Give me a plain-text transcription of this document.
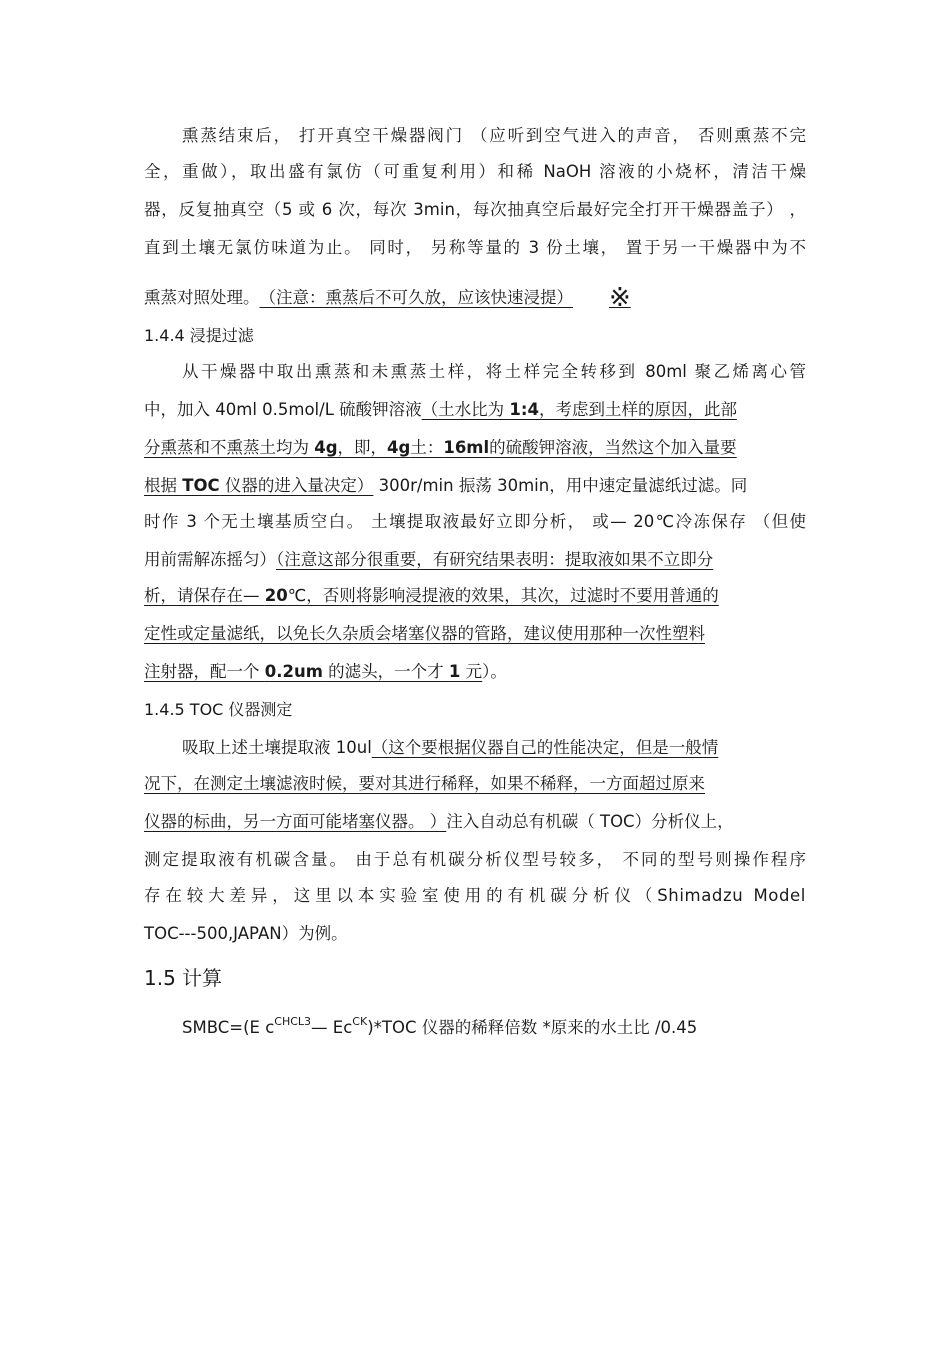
熏蒸结束后， 打开真空干燥器阀门 （应听到空气进入的声音， 否则熏蒸不完
全，重做），取出盛有氯仿（可重复利用）和稀 NaOH 溶液的小烧杯，清洁干燥
器，反复抽真空（5 或 6 次，每次 3min，每次抽真空后最好完全打开干燥器盖子） ，
直到土壤无氯仿味道为止。 同时， 另称等量的 3 份土壤， 置于另一干燥器中为不
熏蒸对照处理。（注意：熏蒸后不可久放，应该快速浸提） ※
1.4.4 浸提过滤
从干燥器中取出熏蒸和未熏蒸土样，将土样完全转移到 80ml 聚乙烯离心管
中，加入 40ml 0.5mol/L 硫酸钾溶液（土水比为 1:4，考虑到土样的原因，此部
分熏蒸和不熏蒸土均为 4g，即，4g土：16ml的硫酸钾溶液，当然这个加入量要
根据 TOC 仪器的进入量决定） 300r/min 振荡 30min，用中速定量滤纸过滤。同
时作 3 个无土壤基质空白。 土壤提取液最好立即分析， 或— 20℃冷冻保存 （但使
用前需解冻摇匀）（注意这部分很重要，有研究结果表明：提取液如果不立即分
析，请保存在— 20℃，否则将影响浸提液的效果，其次，过滤时不要用普通的
定性或定量滤纸，以免长久杂质会堵塞仪器的管路，建议使用那种一次性塑料
注射器，配一个 0.2um 的滤头，一个才 1 元）。
1.4.5 TOC 仪器测定
吸取上述土壤提取液 10ul（这个要根据仪器自己的性能决定，但是一般情
况下，在测定土壤滤液时候，要对其进行稀释，如果不稀释，一方面超过原来
仪器的标曲，另一方面可能堵塞仪器。 ）注入自动总有机碳（ TOC）分析仪上，
测定提取液有机碳含量。 由于总有机碳分析仪型号较多， 不同的型号则操作程序
存在较大差异，这里以本实验室使用的有机碳分析仪（Shimadzu Model
TOC---500,JAPAN）为例。
1.5 计算
SMBC=(E $c^{CHCL3}—$ $Ec^{CK})*TOC$ 仪器的稀释倍数 *原来的水土比 /0.45
